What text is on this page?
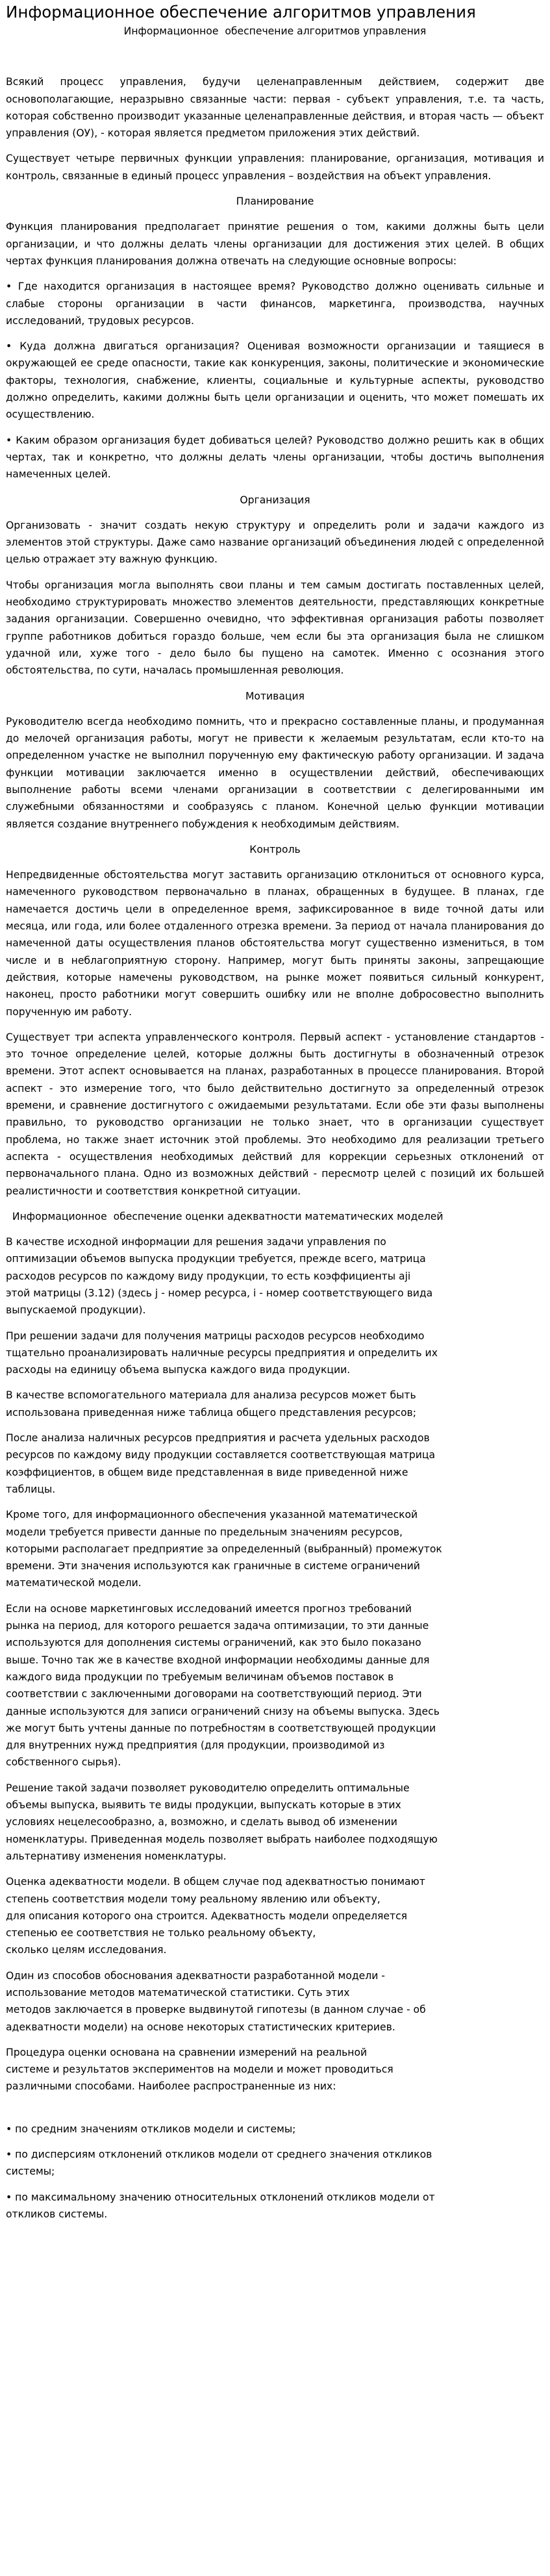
Информационное обеспечение алгоритмов управления

Информационное  обеспечение алгоритмов управления

Всякий процесс управления, будучи целенаправленным действием, содержит две основополагающие, неразрывно связанные части: первая - субъект управления, т.е. та часть, которая собственно производит указанные целенаправленные действия, и вторая часть — объект управления (ОУ), - которая является предметом приложения этих действий.

Существует четыре первичных функции управления: планирование, организация, мотивация и контроль, связанные в единый процесс управления – воздействия на объект управления.

Планирование

Функция планирования предполагает принятие решения о том, какими должны быть цели организации, и что должны делать члены организации для достижения этих целей. В общих чертах функция планирования должна отвечать на следующие основные вопросы:

• Где находится организация в настоящее время? Руководство должно оценивать сильные и слабые стороны организации в части финансов, маркетинга, производства, научных исследований, трудовых ресурсов.

• Куда должна двигаться организация? Оценивая возможности организации и таящиеся в окружающей ее среде опасности, такие как конкуренция, законы, политические и экономические факторы, технология, снабжение, клиенты, социальные и культурные аспекты, руководство должно определить, какими должны быть цели организации и оценить, что может помешать их осуществлению.

• Каким образом организация будет добиваться целей? Руководство должно решить как в общих чертах, так и конкретно, что должны делать члены организации, чтобы достичь выполнения намеченных целей.

Организация

Организовать - значит создать некую структуру и определить роли и задачи каждого из элементов этой структуры. Даже само название организаций объединения людей с определенной целью отражает эту важную функцию.

Чтобы организация могла выполнять свои планы и тем самым достигать поставленных целей, необходимо структурировать множество элементов деятельности, представляющих конкретные задания организации. Совершенно очевидно, что эффективная организация работы позволяет группе работников добиться гораздо больше, чем если бы эта организация была не слишком удачной или, хуже того - дело было бы пущено на самотек. Именно с осознания этого обстоятельства, по сути, началась промышленная революция.

Мотивация

Руководителю всегда необходимо помнить, что и прекрасно составленные планы, и продуманная до мелочей организация работы, могут не привести к желаемым результатам, если кто-то на определенном участке не выполнил порученную ему фактическую работу организации. И задача функции мотивации заключается именно в осуществлении действий, обеспечивающих выполнение работы всеми членами организации в соответствии с делегированными им служебными обязанностями и сообразуясь с планом. Конечной целью функции мотивации является создание внутреннего побуждения к необходимым действиям.

Контроль

Непредвиденные обстоятельства могут заставить организацию отклониться от основного курса, намеченного руководством первоначально в планах, обращенных в будущее. В планах, где намечается достичь цели в определенное время, зафиксированное в виде точной даты или месяца, или года, или более отдаленного отрезка времени. За период от начала планирования до намеченной даты осуществления планов обстоятельства могут существенно измениться, в том числе и в неблагоприятную сторону. Например, могут быть приняты законы, запрещающие действия, которые намечены руководством, на рынке может появиться сильный конкурент, наконец, просто работники могут совершить ошибку или не вполне добросовестно выполнить порученную им работу.

Существует три аспекта управленческого контроля. Первый аспект - установление стандартов - это точное определение целей, которые должны быть достигнуты в обозначенный отрезок времени. Этот аспект основывается на планах, разработанных в процессе планирования. Второй аспект - это измерение того, что было действительно достигнуто за определенный отрезок времени, и сравнение достигнутого с ожидаемыми результатами. Если обе эти фазы выполнены правильно, то руководство организации не только знает, что в организации существует проблема, но также знает источник этой проблемы. Это необходимо для реализации третьего аспекта - осуществления необходимых действий для коррекции серьезных отклонений от первоначального плана. Одно из возможных действий - пересмотр целей с позиций их большей реалистичности и соответствия конкретной ситуации.

Информационное  обеспечение оценки адекватности математических моделей

В качестве исходной информации для решения задачи управления по
оптимизации объемов выпуска продукции требуется, прежде всего, матрица
расходов ресурсов по каждому виду продукции, то есть коэффициенты aji
этой матрицы (3.12) (здесь j - номер ресурса, i - номер соответствующего вида
выпускаемой продукции).

При решении задачи для получения матрицы расходов ресурсов необходимо
тщательно проанализировать наличные ресурсы предприятия и определить их
расходы на единицу объема выпуска каждого вида продукции.

В качестве вспомогательного материала для анализа ресурсов может быть
использована приведенная ниже таблица общего представления ресурсов;

После анализа наличных ресурсов предприятия и расчета удельных расходов
ресурсов по каждому виду продукции составляется соответствующая матрица
коэффициентов, в общем виде представленная в виде приведенной ниже
таблицы.

Кроме того, для информационного обеспечения указанной математической
модели требуется привести данные по предельным значениям ресурсов,
которыми располагает предприятие за определенный (выбранный) промежуток
времени. Эти значения используются как граничные в системе ограничений
математической модели.

Если на основе маркетинговых исследований имеется прогноз требований
рынка на период, для которого решается задача оптимизации, то эти данные
используются для дополнения системы ограничений, как это было показано
выше. Точно так же в качестве входной информации необходимы данные для
каждого вида продукции по требуемым величинам объемов поставок в
соответствии с заключенными договорами на соответствующий период. Эти
данные используются для записи ограничений снизу на объемы выпуска. Здесь
же могут быть учтены данные по потребностям в соответствующей продукции
для внутренних нужд предприятия (для продукции, производимой из
собственного сырья).

Решение такой задачи позволяет руководителю определить оптимальные
объемы выпуска, выявить те виды продукции, выпускать которые в этих
условиях нецелесообразно, а, возможно, и сделать вывод об изменении
номенклатуры. Приведенная модель позволяет выбрать наиболее подходящую
альтернативу изменения номенклатуры.

Оценка адекватности модели. В общем случае под адекватностью понимают
степень соответствия модели тому реальному явлению или объекту,
для описания которого она строится. Адекватность модели определяется
степенью ее соответствия не только реальному объекту,
сколько целям исследования.

Один из способов обоснования адекватности разработанной модели -
использование методов математической статистики. Суть этих
методов заключается в проверке выдвинутой гипотезы (в данном случае - об
адекватности модели) на основе некоторых статистических критериев.

Процедура оценки основана на сравнении измерений на реальной
системе и результатов экспериментов на модели и может проводиться
различными способами. Наиболее распространенные из них:

• по средним значениям откликов модели и системы;

• по дисперсиям отклонений откликов модели от среднего значения откликов
системы;

• по максимальному значению относительных отклонений откликов модели от
откликов системы.
